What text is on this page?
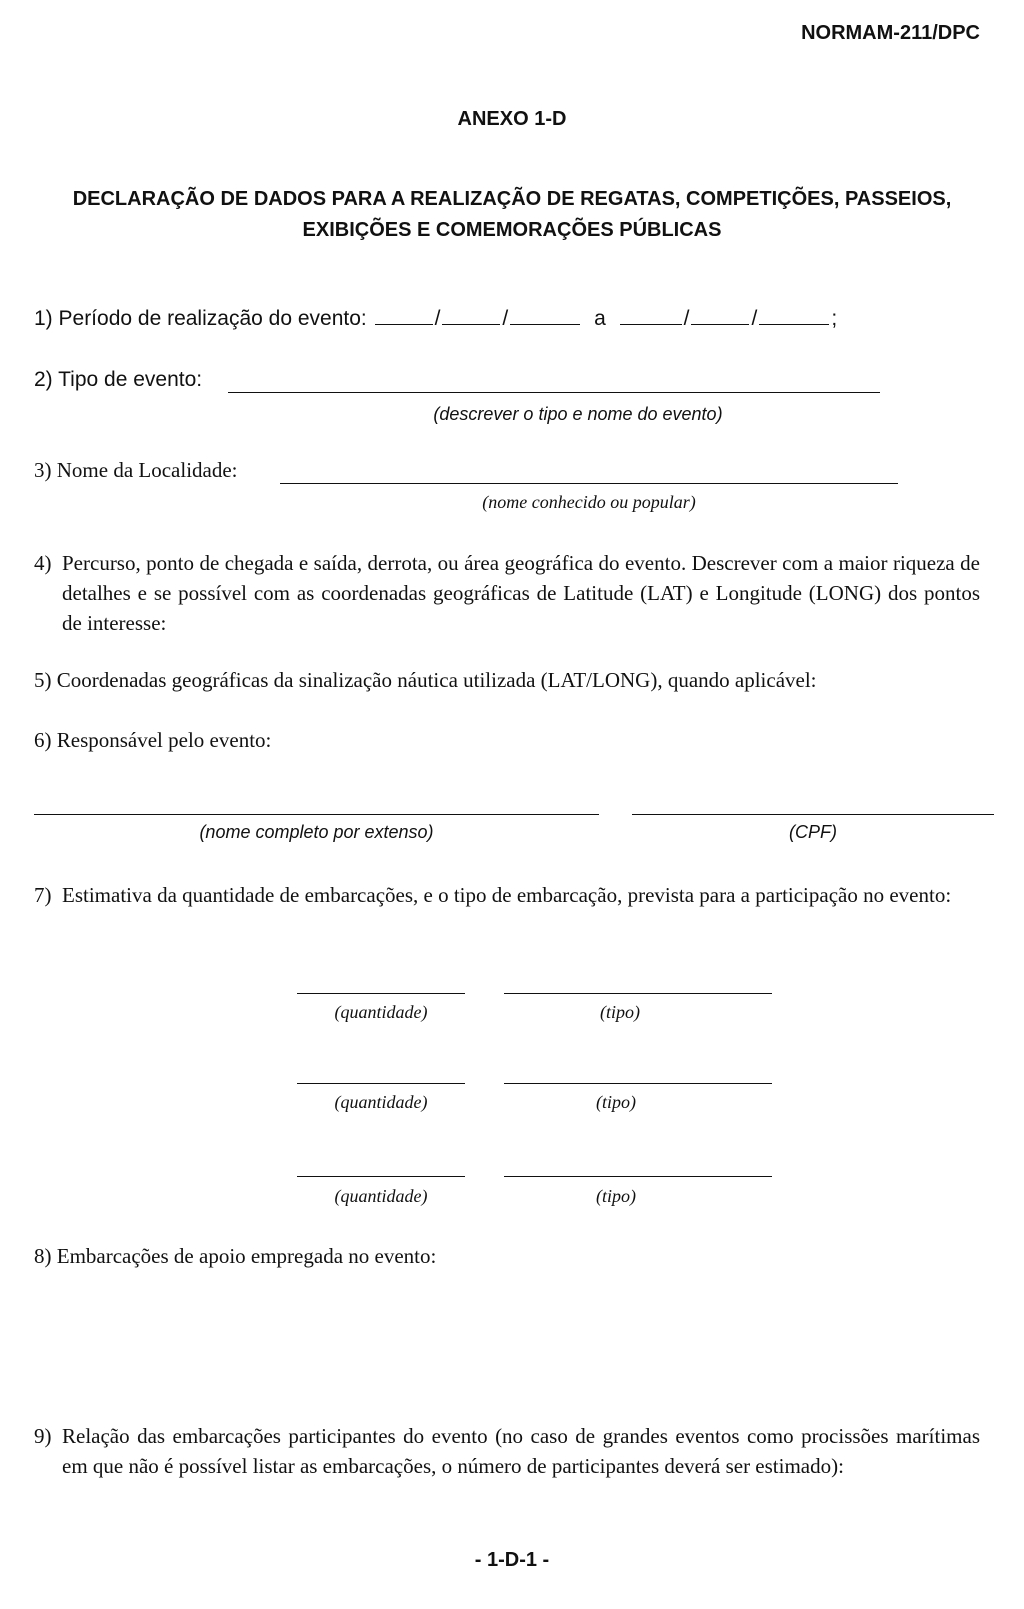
NORMAM-211/DPC
ANEXO 1-D
DECLARAÇÃO DE DADOS PARA A REALIZAÇÃO DE REGATAS, COMPETIÇÕES, PASSEIOS,
EXIBIÇÕES E COMEMORAÇÕES PÚBLICAS
1) Período de realização do evento:	/	/	a	/	/	;
2) Tipo de evento:
(descrever o tipo e nome do evento)
3) Nome da Localidade:
(nome conhecido ou popular)
4) Percurso, ponto de chegada e saída, derrota, ou área geográfica do evento. Descrever com a maior riqueza de detalhes e se possível com as coordenadas geográficas de Latitude (LAT) e Longitude (LONG) dos pontos de interesse:
5) Coordenadas geográficas da sinalização náutica utilizada (LAT/LONG), quando aplicável:
6) Responsável pelo evento:
(nome completo por extenso)	(CPF)
7) Estimativa da quantidade de embarcações, e o tipo de embarcação, prevista para a participação no evento:
(quantidade)	(tipo)
(quantidade)	(tipo)
(quantidade)	(tipo)
8) Embarcações de apoio empregada no evento:
9) Relação das embarcações participantes do evento (no caso de grandes eventos como procissões marítimas em que não é possível listar as embarcações, o número de participantes deverá ser estimado):
- 1-D-1 -
